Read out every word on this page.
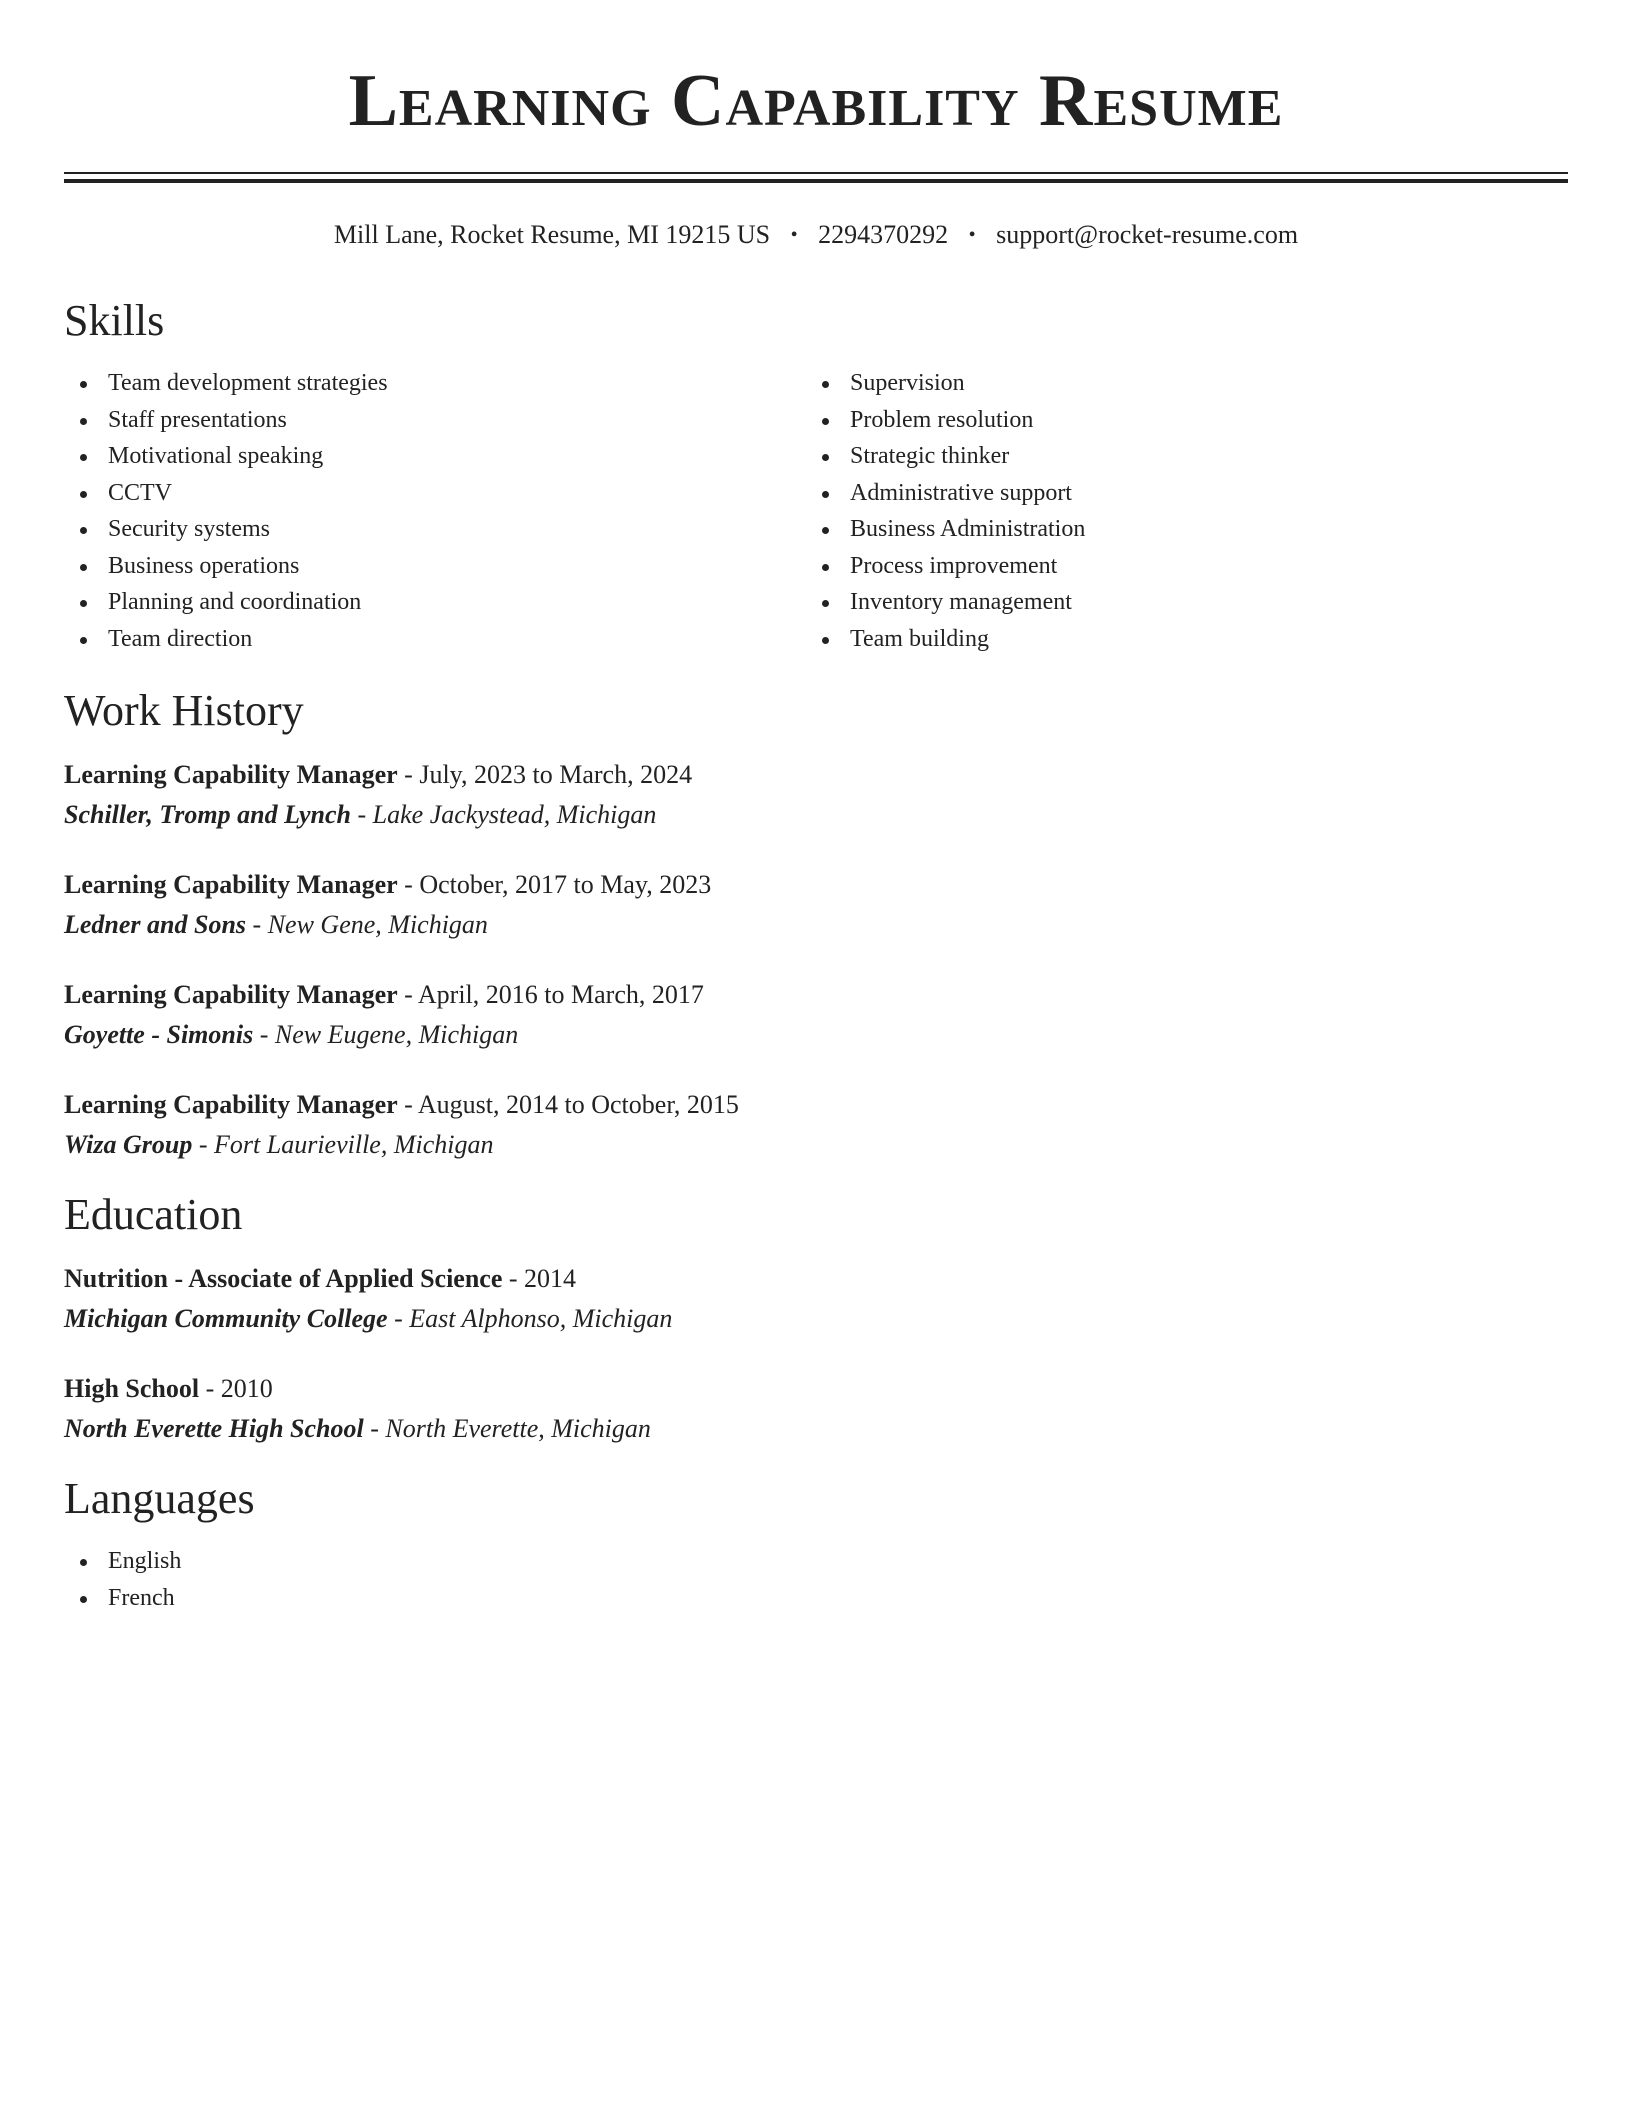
Learning Capability Resume
Mill Lane, Rocket Resume, MI 19215 US • 2294370292 • support@rocket-resume.com
Skills
Team development strategies
Staff presentations
Motivational speaking
CCTV
Security systems
Business operations
Planning and coordination
Team direction
Supervision
Problem resolution
Strategic thinker
Administrative support
Business Administration
Process improvement
Inventory management
Team building
Work History
Learning Capability Manager - July, 2023 to March, 2024
Schiller, Tromp and Lynch - Lake Jackystead, Michigan
Learning Capability Manager - October, 2017 to May, 2023
Ledner and Sons - New Gene, Michigan
Learning Capability Manager - April, 2016 to March, 2017
Goyette - Simonis - New Eugene, Michigan
Learning Capability Manager - August, 2014 to October, 2015
Wiza Group - Fort Laurieville, Michigan
Education
Nutrition - Associate of Applied Science - 2014
Michigan Community College - East Alphonso, Michigan
High School - 2010
North Everette High School - North Everette, Michigan
Languages
English
French
